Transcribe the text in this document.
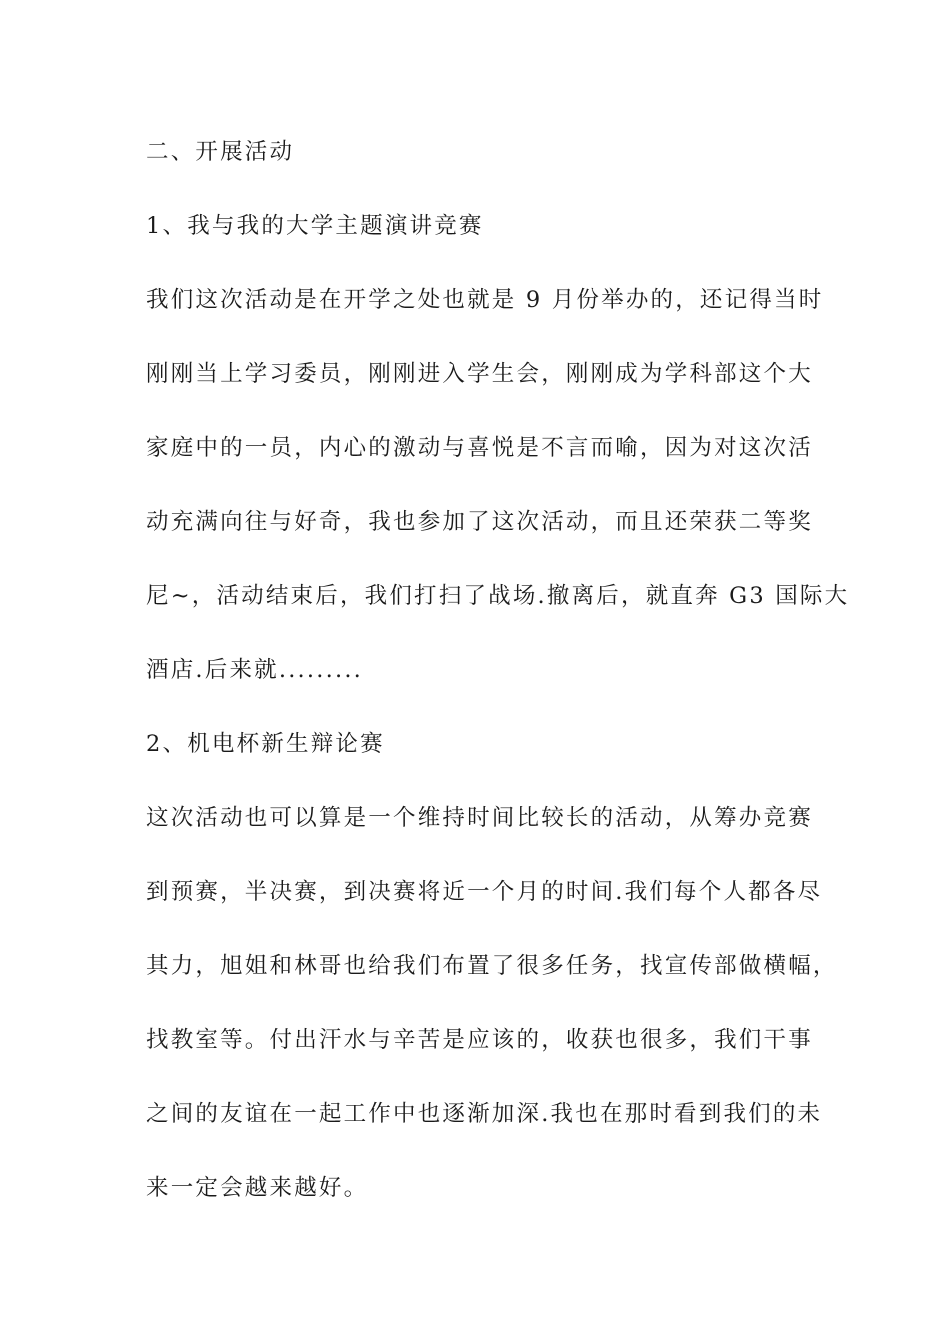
二、开展活动
1、我与我的大学主题演讲竞赛
我们这次活动是在开学之处也就是 9 月份举办的，还记得当时
刚刚当上学习委员，刚刚进入学生会，刚刚成为学科部这个大
家庭中的一员，内心的激动与喜悦是不言而喻，因为对这次活
动充满向往与好奇，我也参加了这次活动，而且还荣获二等奖
尼~，活动结束后，我们打扫了战场.撤离后，就直奔 G3 国际大
酒店.后来就.........
2、机电杯新生辩论赛
这次活动也可以算是一个维持时间比较长的活动，从筹办竞赛
到预赛，半决赛，到决赛将近一个月的时间.我们每个人都各尽
其力，旭姐和林哥也给我们布置了很多任务，找宣传部做横幅，
找教室等。付出汗水与辛苦是应该的，收获也很多，我们干事
之间的友谊在一起工作中也逐渐加深.我也在那时看到我们的未
来一定会越来越好。
